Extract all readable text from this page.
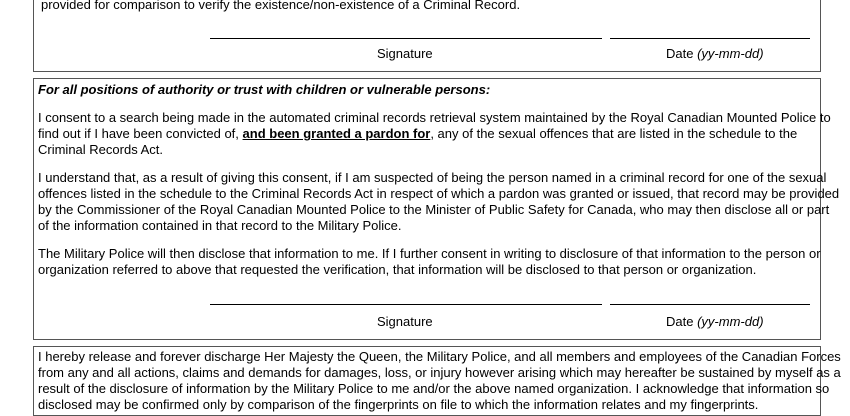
provided for comparison to verify the existence/non-existence of a Criminal Record.
Signature	Date (yy-mm-dd)
For all positions of authority or trust with children or vulnerable persons:
I consent to a search being made in the automated criminal records retrieval system maintained by the Royal Canadian Mounted Police to
find out if I have been convicted of, and been granted a pardon for, any of the sexual offences that are listed in the schedule to the
Criminal Records Act.
I understand that, as a result of giving this consent, if I am suspected of being the person named in a criminal record for one of the sexual
offences listed in the schedule to the Criminal Records Act in respect of which a pardon was granted or issued, that record may be provided
by the Commissioner of the Royal Canadian Mounted Police to the Minister of Public Safety for Canada, who may then disclose all or part
of the information contained in that record to the Military Police.
The Military Police will then disclose that information to me. If I further consent in writing to disclosure of that information to the person or
organization referred to above that requested the verification, that information will be disclosed to that person or organization.
Signature	Date (yy-mm-dd)
I hereby release and forever discharge Her Majesty the Queen, the Military Police, and all members and employees of the Canadian Forces
from any and all actions, claims and demands for damages, loss, or injury however arising which may hereafter be sustained by myself as a
result of the disclosure of information by the Military Police to me and/or the above named organization. I acknowledge that information so
disclosed may be confirmed only by comparison of the fingerprints on file to which the information relates and my fingerprints.
